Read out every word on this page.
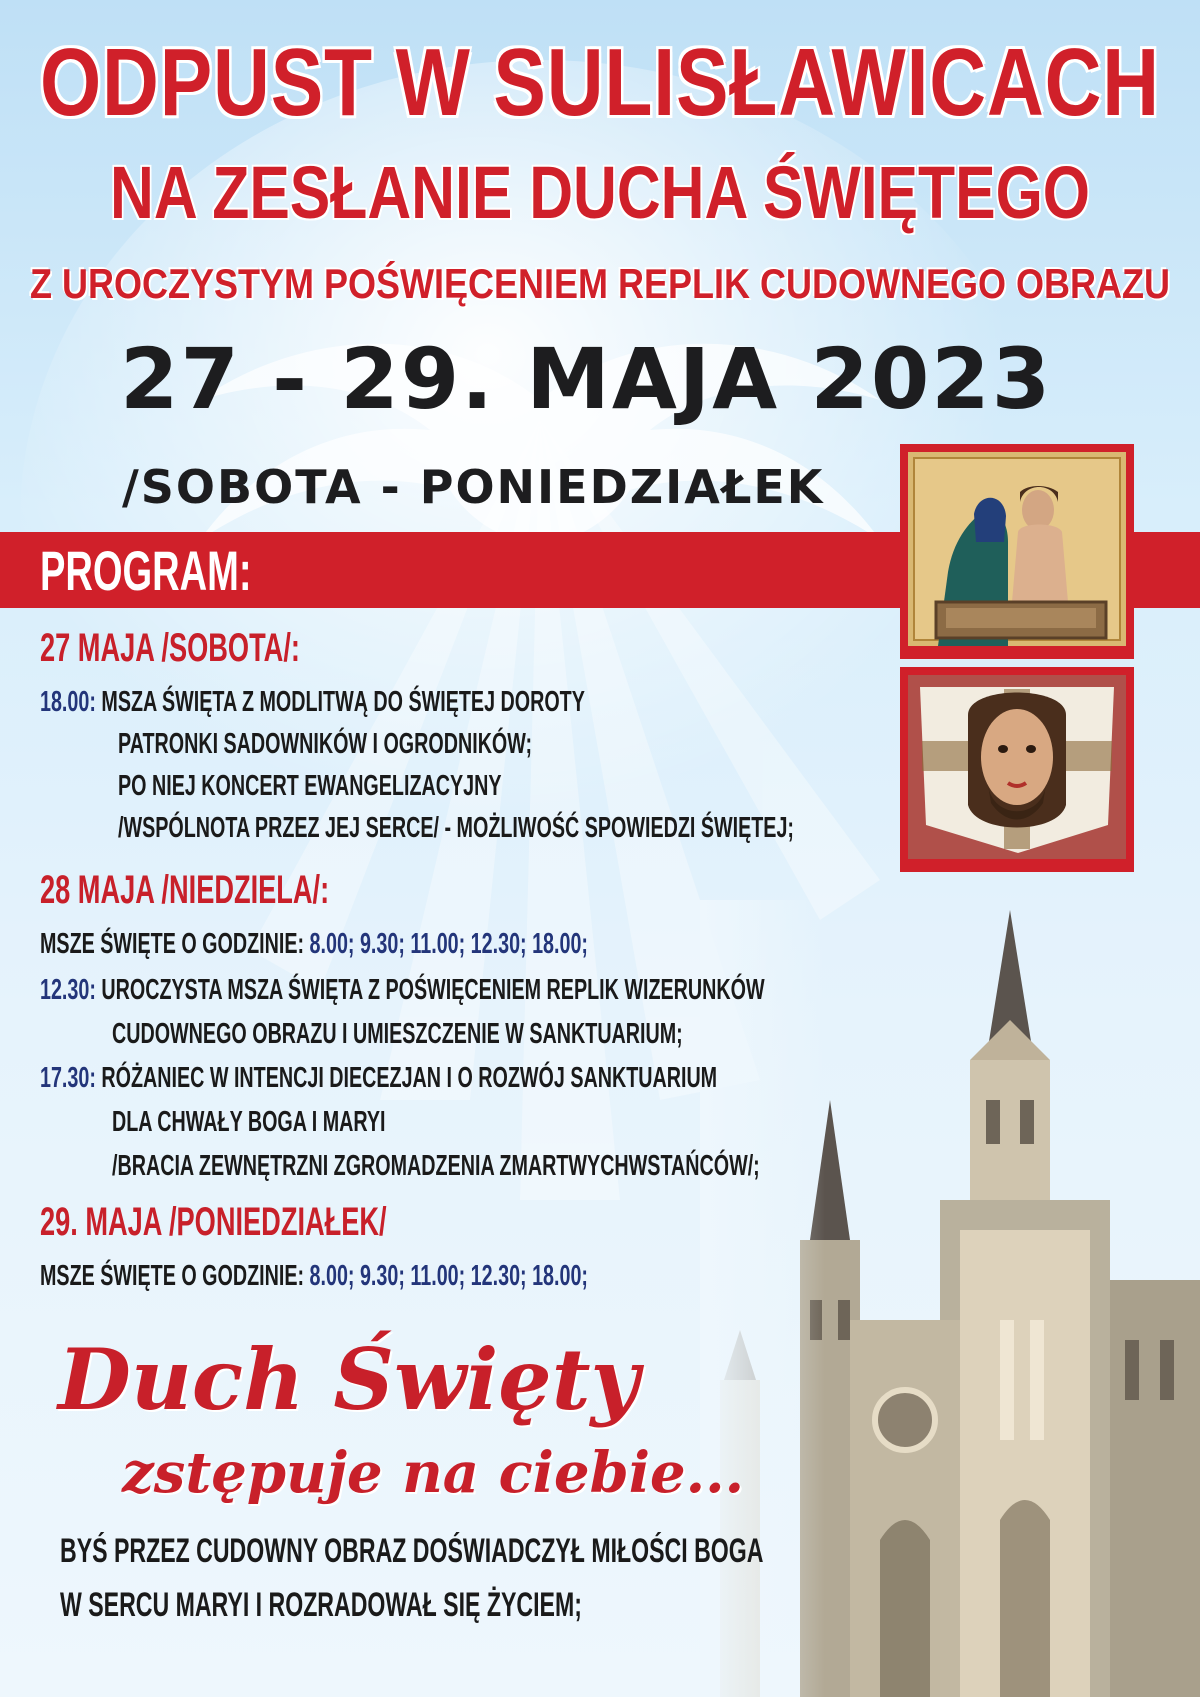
ODPUST W SULISŁAWICACH
NA ZESŁANIE DUCHA ŚWIĘTEGO
Z UROCZYSTYM POŚWIĘCENIEM REPLIK CUDOWNEGO OBRAZU
27 - 29. MAJA 2023
/SOBOTA - PONIEDZIAŁEK
PROGRAM:
27 MAJA /SOBOTA/:
18.00: MSZA ŚWIĘTA Z MODLITWĄ DO ŚWIĘTEJ DOROTY
PATRONKI SADOWNIKÓW I OGRODNIKÓW;
PO NIEJ KONCERT EWANGELIZACYJNY
/WSPÓLNOTA PRZEZ JEJ SERCE/ - MOŻLIWOŚĆ SPOWIEDZI ŚWIĘTEJ;
28 MAJA /NIEDZIELA/:
MSZE ŚWIĘTE O GODZINIE: 8.00; 9.30; 11.00; 12.30; 18.00;
12.30: UROCZYSTA MSZA ŚWIĘTA Z POŚWIĘCENIEM REPLIK WIZERUNKÓW
CUDOWNEGO OBRAZU I UMIESZCZENIE W SANKTUARIUM;
17.30: RÓŻANIEC W INTENCJI DIECEZJAN I O ROZWÓJ SANKTUARIUM
DLA CHWAŁY BOGA I MARYI
/BRACIA ZEWNĘTRZNI ZGROMADZENIA ZMARTWYCHWSTAŃCÓW/;
29. MAJA /PONIEDZIAŁEK/
MSZE ŚWIĘTE O GODZINIE: 8.00; 9.30; 11.00; 12.30; 18.00;
Duch Święty
zstępuje na ciebie...
BYŚ PRZEZ CUDOWNY OBRAZ DOŚWIADCZYŁ MIŁOŚCI BOGA
W SERCU MARYI I ROZRADOWAŁ SIĘ ŻYCIEM;
